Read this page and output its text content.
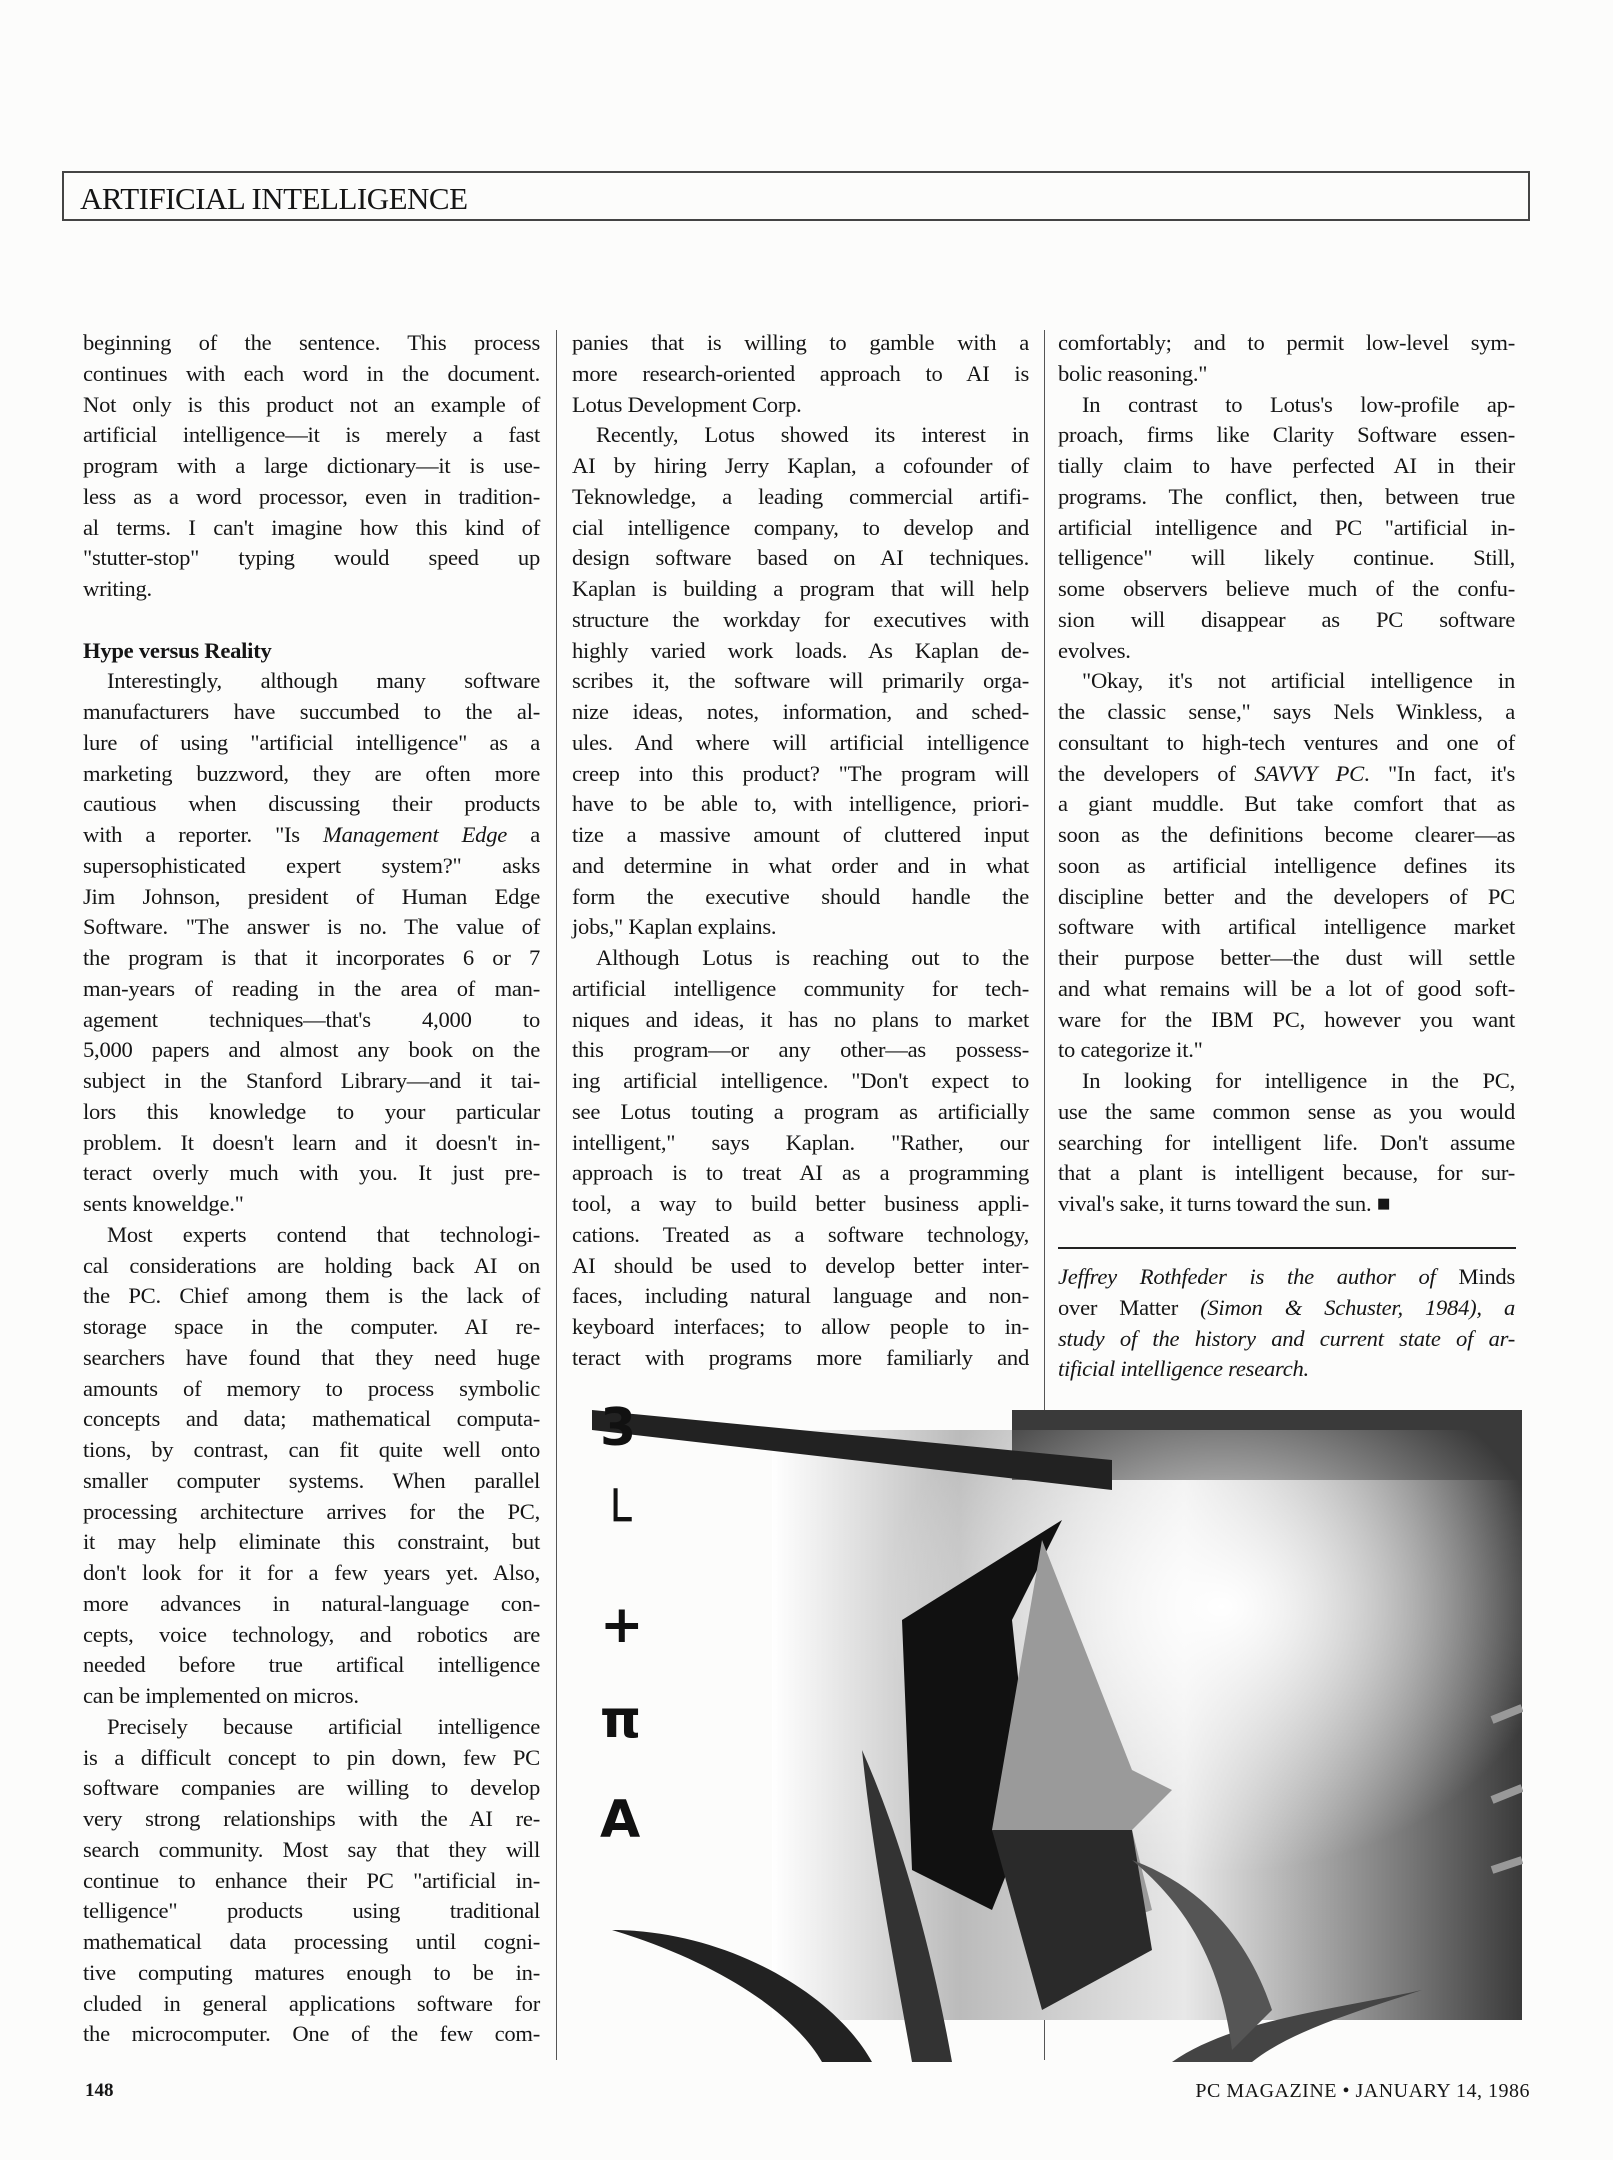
ARTIFICIAL INTELLIGENCE
beginning of the sentence. This process
continues with each word in the document.
Not only is this product not an example of
artificial intelligence—it is merely a fast
program with a large dictionary—it is use-
less as a word processor, even in tradition-
al terms. I can't imagine how this kind of
"stutter-stop" typing would speed up
writing.
Hype versus Reality
Interestingly, although many software
manufacturers have succumbed to the al-
lure of using "artificial intelligence" as a
marketing buzzword, they are often more
cautious when discussing their products
with a reporter. "Is Management Edge a
supersophisticated expert system?" asks
Jim Johnson, president of Human Edge
Software. "The answer is no. The value of
the program is that it incorporates 6 or 7
man-years of reading in the area of man-
agement techniques—that's 4,000 to
5,000 papers and almost any book on the
subject in the Stanford Library—and it tai-
lors this knowledge to your particular
problem. It doesn't learn and it doesn't in-
teract overly much with you. It just pre-
sents knoweldge."
Most experts contend that technologi-
cal considerations are holding back AI on
the PC. Chief among them is the lack of
storage space in the computer. AI re-
searchers have found that they need huge
amounts of memory to process symbolic
concepts and data; mathematical computa-
tions, by contrast, can fit quite well onto
smaller computer systems. When parallel
processing architecture arrives for the PC,
it may help eliminate this constraint, but
don't look for it for a few years yet. Also,
more advances in natural-language con-
cepts, voice technology, and robotics are
needed before true artifical intelligence
can be implemented on micros.
Precisely because artificial intelligence
is a difficult concept to pin down, few PC
software companies are willing to develop
very strong relationships with the AI re-
search community. Most say that they will
continue to enhance their PC "artificial in-
telligence" products using traditional
mathematical data processing until cogni-
tive computing matures enough to be in-
cluded in general applications software for
the microcomputer. One of the few com-
panies that is willing to gamble with a
more research-oriented approach to AI is
Lotus Development Corp.
Recently, Lotus showed its interest in
AI by hiring Jerry Kaplan, a cofounder of
Teknowledge, a leading commercial artifi-
cial intelligence company, to develop and
design software based on AI techniques.
Kaplan is building a program that will help
structure the workday for executives with
highly varied work loads. As Kaplan de-
scribes it, the software will primarily orga-
nize ideas, notes, information, and sched-
ules. And where will artificial intelligence
creep into this product? "The program will
have to be able to, with intelligence, priori-
tize a massive amount of cluttered input
and determine in what order and in what
form the executive should handle the
jobs," Kaplan explains.
Although Lotus is reaching out to the
artificial intelligence community for tech-
niques and ideas, it has no plans to market
this program—or any other—as possess-
ing artificial intelligence. "Don't expect to
see Lotus touting a program as artificially
intelligent," says Kaplan. "Rather, our
approach is to treat AI as a programming
tool, a way to build better business appli-
cations. Treated as a software technology,
AI should be used to develop better inter-
faces, including natural language and non-
keyboard interfaces; to allow people to in-
teract with programs more familiarly and
comfortably; and to permit low-level sym-
bolic reasoning."
In contrast to Lotus's low-profile ap-
proach, firms like Clarity Software essen-
tially claim to have perfected AI in their
programs. The conflict, then, between true
artificial intelligence and PC "artificial in-
telligence" will likely continue. Still,
some observers believe much of the confu-
sion will disappear as PC software
evolves.
"Okay, it's not artificial intelligence in
the classic sense," says Nels Winkless, a
consultant to high-tech ventures and one of
the developers of SAVVY PC. "In fact, it's
a giant muddle. But take comfort that as
soon as the definitions become clearer—as
soon as artificial intelligence defines its
discipline better and the developers of PC
software with artifical intelligence market
their purpose better—the dust will settle
and what remains will be a lot of good soft-
ware for the IBM PC, however you want
to categorize it."
In looking for intelligence in the PC,
use the same common sense as you would
searching for intelligent life. Don't assume
that a plant is intelligent because, for sur-
vival's sake, it turns toward the sun. ■
Jeffrey Rothfeder is the author of Minds
over Matter (Simon & Schuster, 1984), a
study of the history and current state of ar-
tificial intelligence research.
3
└
+
π
A
148	PC MAGAZINE • JANUARY 14, 1986
